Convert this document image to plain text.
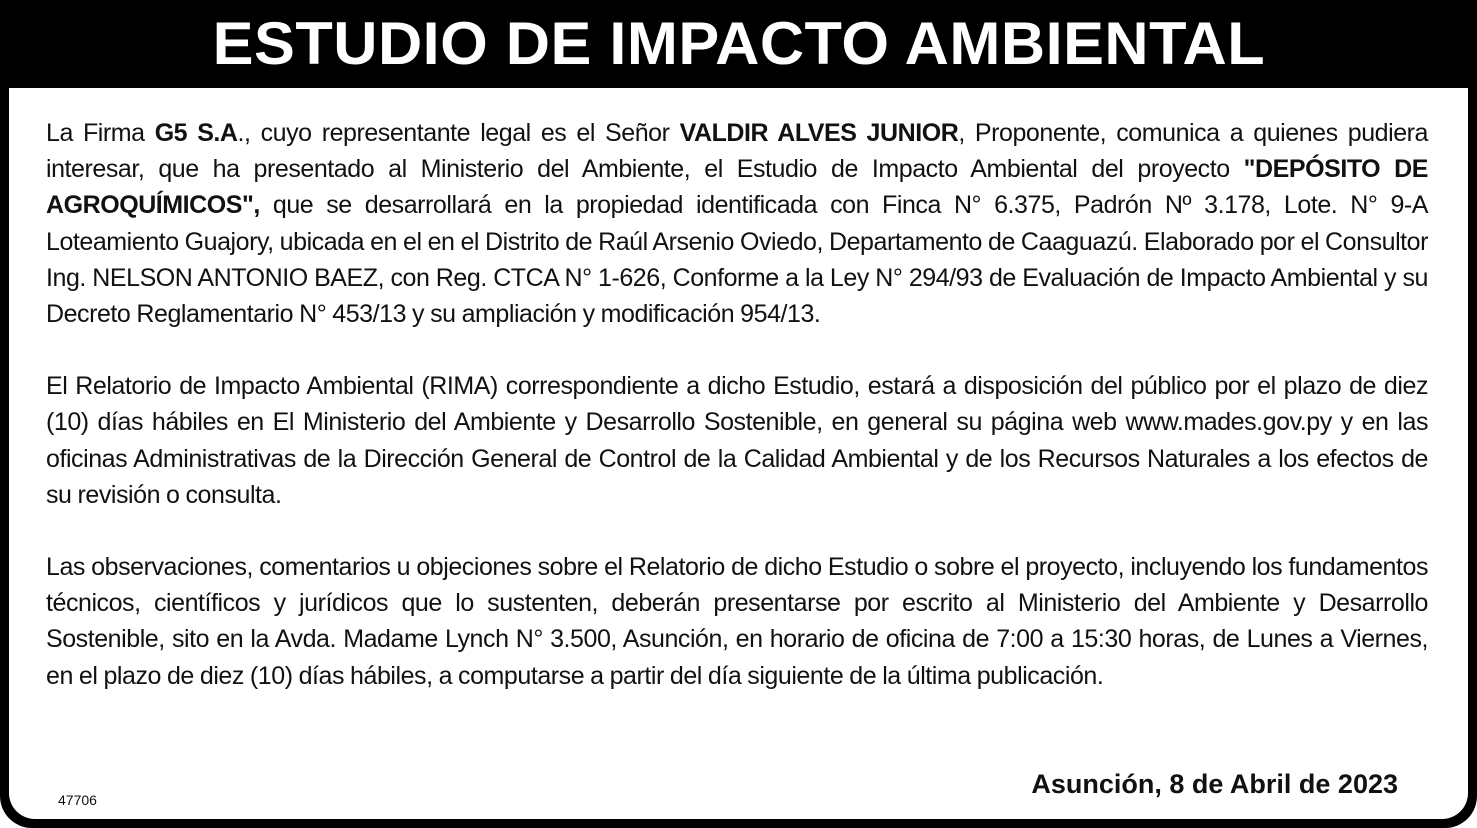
ESTUDIO DE IMPACTO AMBIENTAL

La Firma G5 S.A., cuyo representante legal es el Señor VALDIR ALVES JUNIOR, Proponente, comunica a quienes pudiera interesar, que ha presentado al Ministerio del Ambiente, el Estudio de Impacto Ambiental del proyecto "DEPÓSITO DE AGROQUÍMICOS", que se desarrollará en la propiedad identificada con Finca N° 6.375, Padrón Nº 3.178, Lote. N° 9-A Loteamiento Guajory, ubicada en el en el Distrito de Raúl Arsenio Oviedo, Departamento de Caaguazú. Elaborado por el Consultor Ing. NELSON ANTONIO BAEZ, con Reg. CTCA N° 1-626, Conforme a la Ley N° 294/93 de Evaluación de Impacto Ambiental y su Decreto Reglamentario N° 453/13 y su ampliación y modificación 954/13.

El Relatorio de Impacto Ambiental (RIMA) correspondiente a dicho Estudio, estará a disposición del público por el plazo de diez (10) días hábiles en El Ministerio del Ambiente y Desarrollo Sostenible, en general su página web www.mades.gov.py y en las oficinas Administrativas de la Dirección General de Control de la Calidad Ambiental y de los Recursos Naturales a los efectos de su revisión o consulta.

Las observaciones, comentarios u objeciones sobre el Relatorio de dicho Estudio o sobre el proyecto, incluyendo los fundamentos técnicos, científicos y jurídicos que lo sustenten, deberán presentarse por escrito al Ministerio del Ambiente y Desarrollo Sostenible, sito en la Avda. Madame Lynch N° 3.500, Asunción, en horario de oficina de 7:00 a 15:30 horas, de Lunes a Viernes, en el plazo de diez (10) días hábiles, a computarse a partir del día siguiente de la última publicación.

Asunción, 8 de Abril de 2023
47706
